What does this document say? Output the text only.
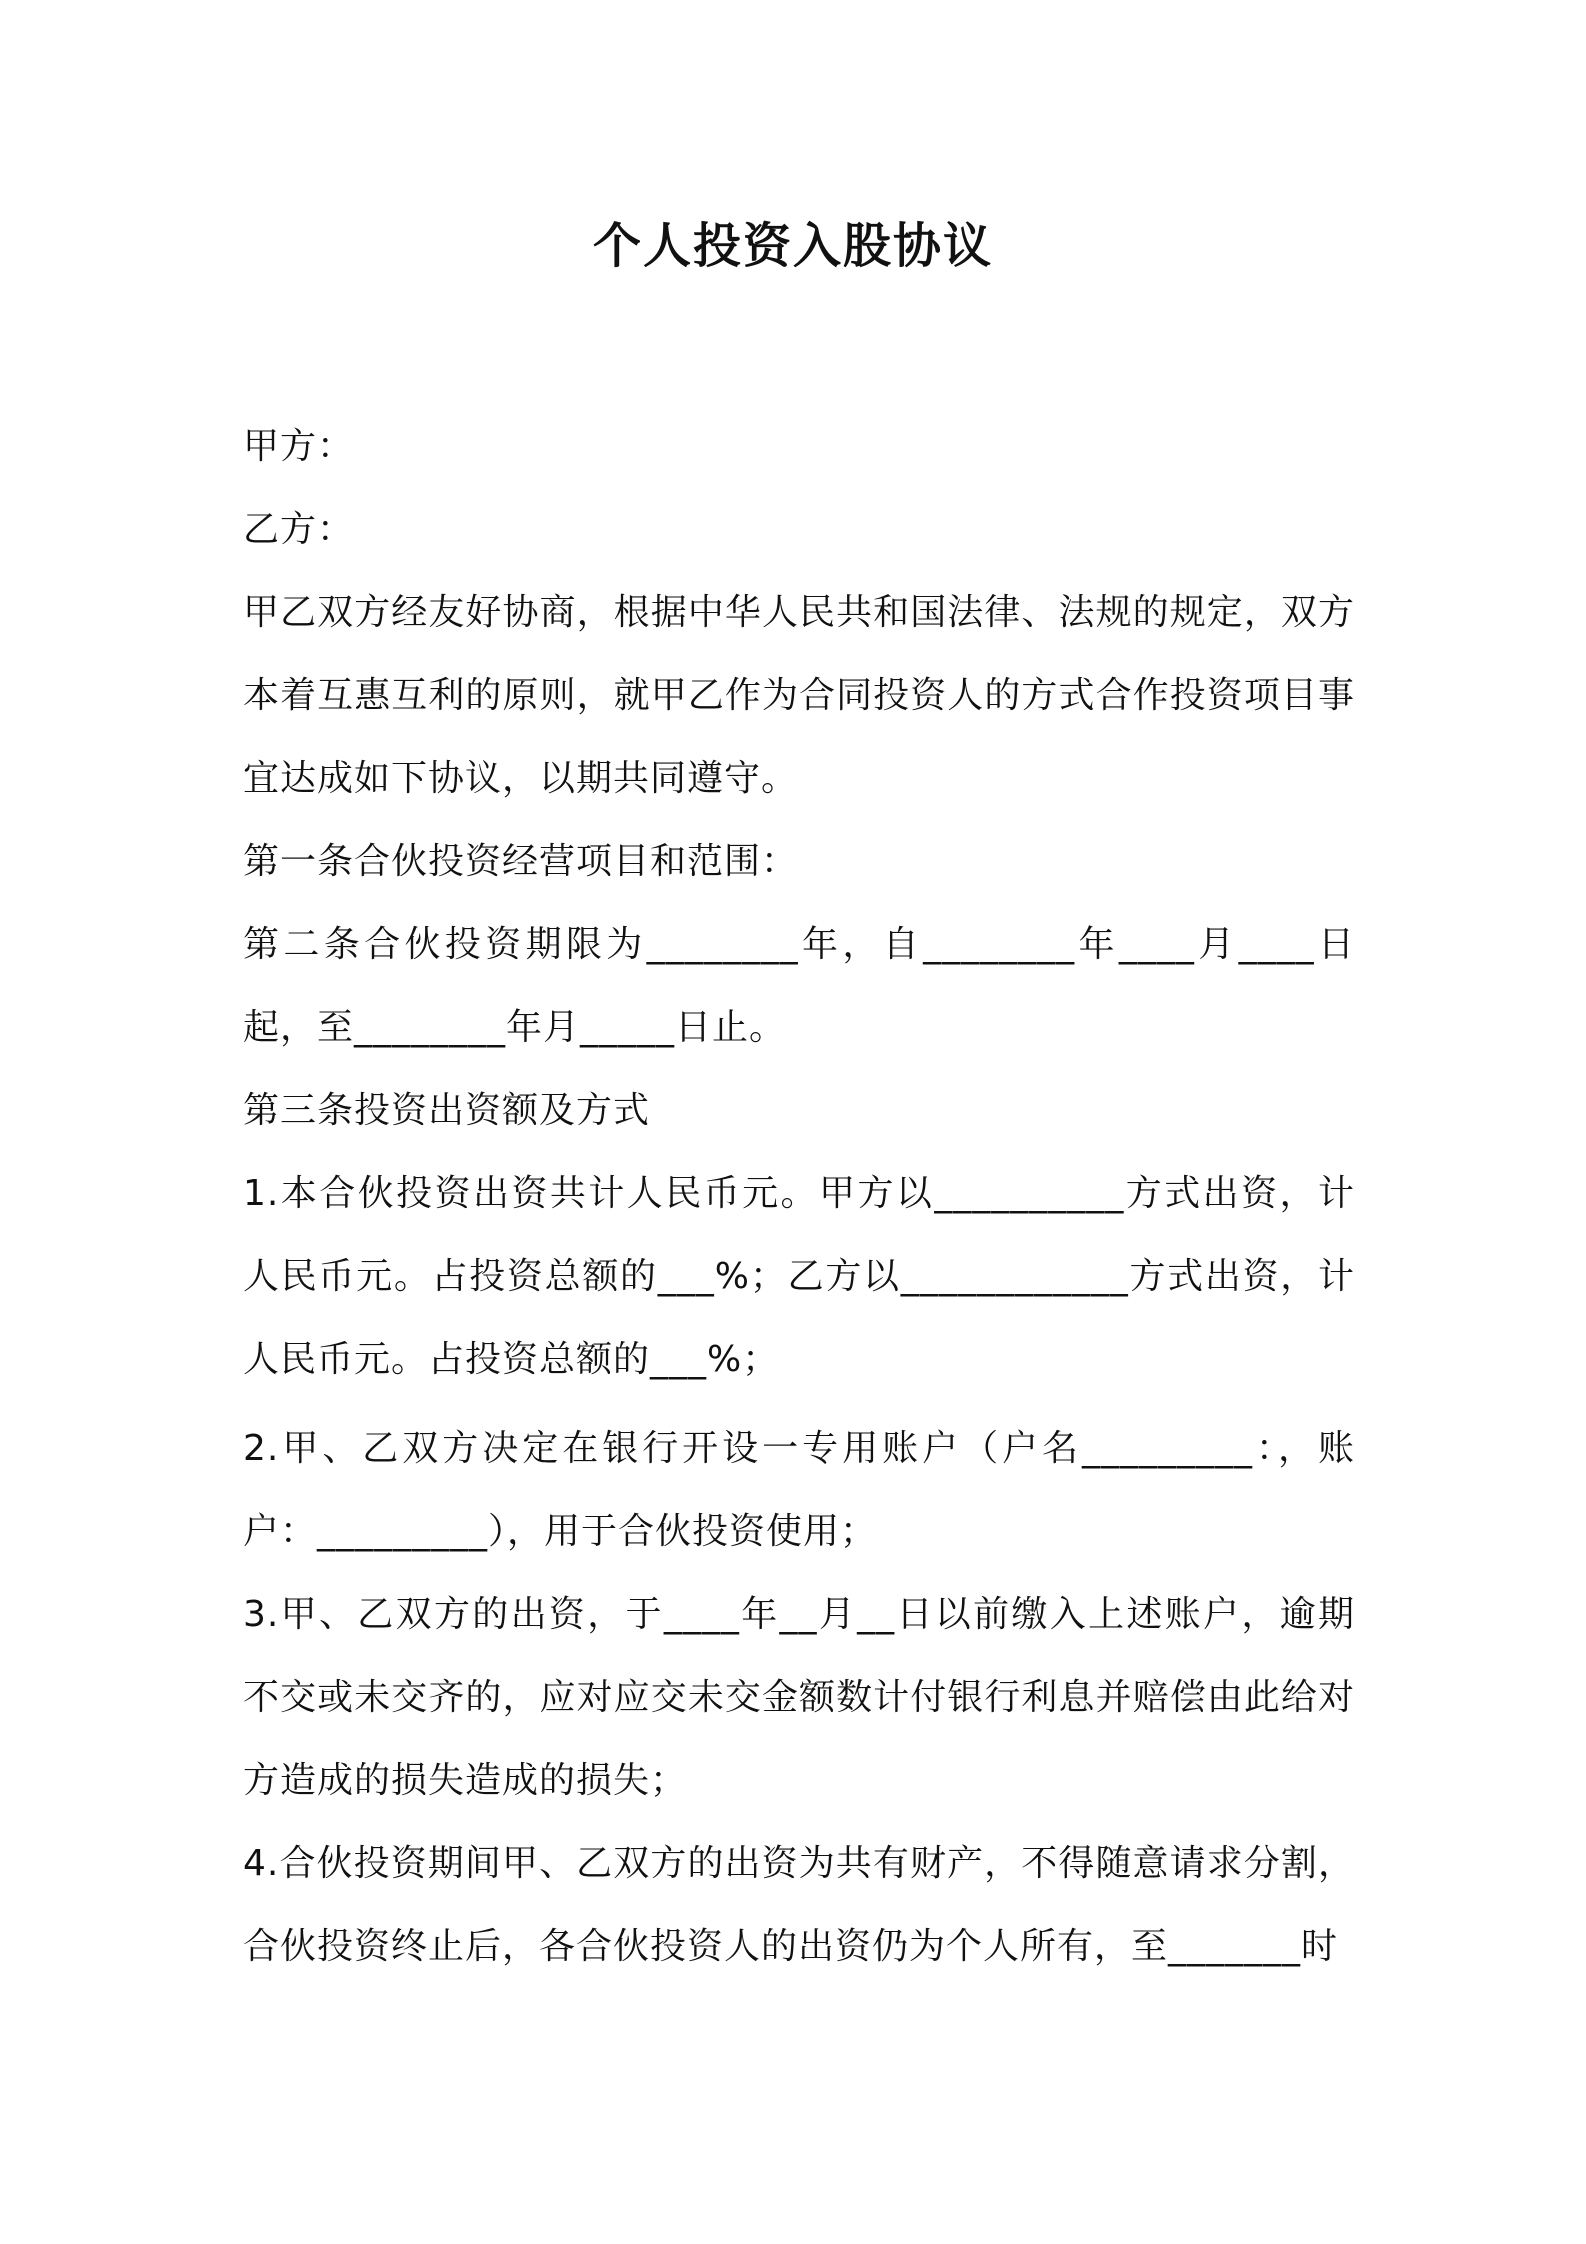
个人投资入股协议

甲方：

乙方：

甲乙双方经友好协商，根据中华人民共和国法律、法规的规定，双方本着互惠互利的原则，就甲乙作为合同投资人的方式合作投资项目事宜达成如下协议，以期共同遵守。

第一条合伙投资经营项目和范围：

第二条合伙投资期限为________年，自________年____月____日起，至________年月_____日止。

第三条投资出资额及方式

1.本合伙投资出资共计人民币元。甲方以__________方式出资，计人民币元。占投资总额的___%；乙方以____________方式出资，计人民币元。占投资总额的___%；

2.甲、乙双方决定在银行开设一专用账户（户名_________：，账户：_________），用于合伙投资使用；

3.甲、乙双方的出资，于____年__月__日以前缴入上述账户，逾期不交或未交齐的，应对应交未交金额数计付银行利息并赔偿由此给对方造成的损失造成的损失；

4.合伙投资期间甲、乙双方的出资为共有财产，不得随意请求分割，合伙投资终止后，各合伙投资人的出资仍为个人所有，至_______时
